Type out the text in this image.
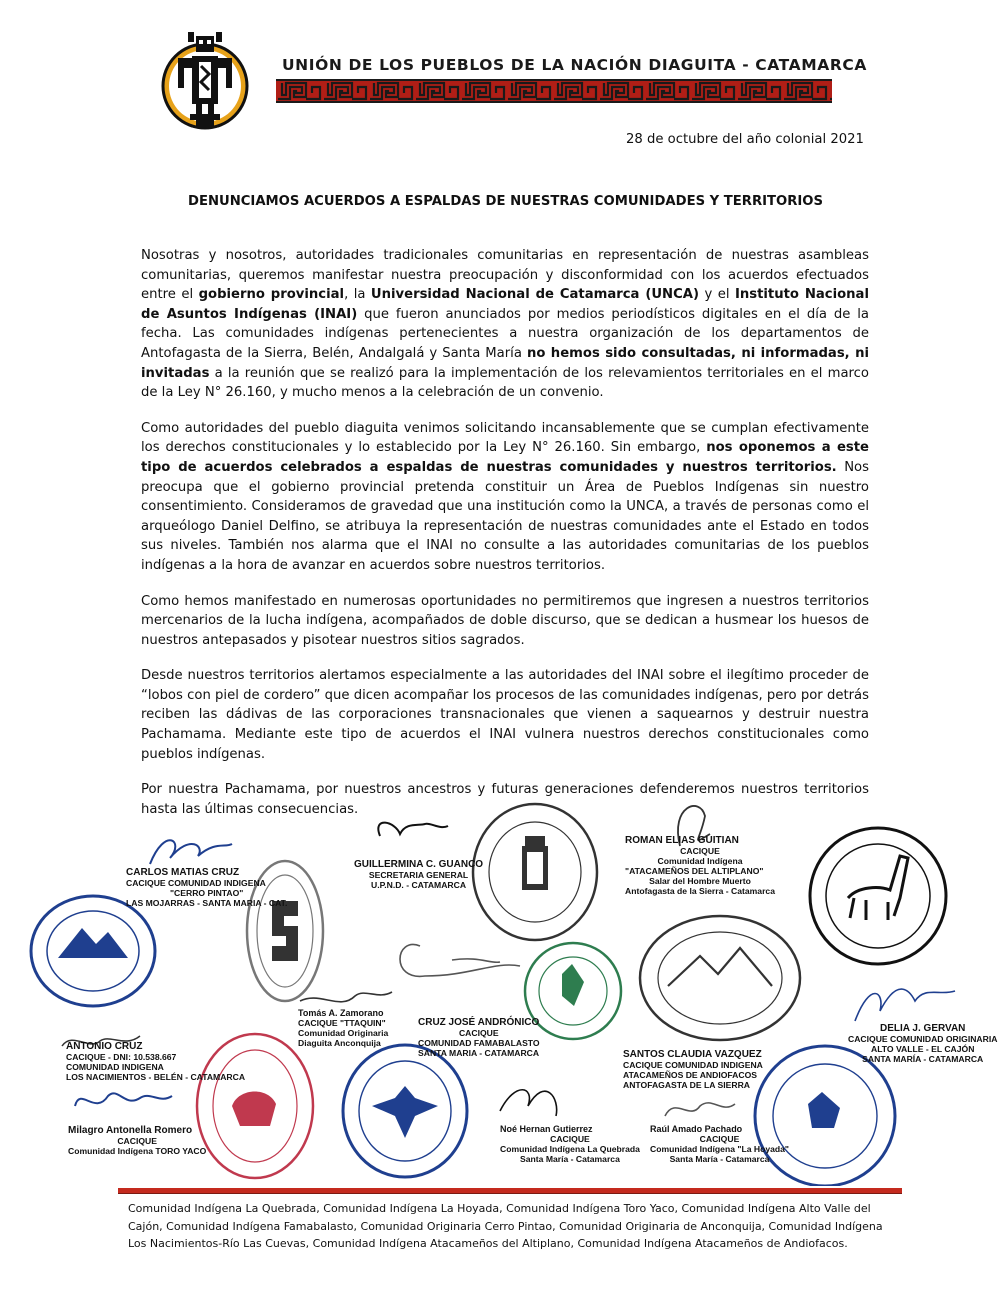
UNIÓN DE LOS PUEBLOS DE LA NACIÓN DIAGUITA - CATAMARCA
28 de octubre del año colonial 2021
DENUNCIAMOS ACUERDOS A ESPALDAS DE NUESTRAS COMUNIDADES Y TERRITORIOS

Nosotras y nosotros, autoridades tradicionales comunitarias en representación de nuestras asambleas comunitarias, queremos manifestar nuestra preocupación y disconformidad con los acuerdos efectuados entre el gobierno provincial, la Universidad Nacional de Catamarca (UNCA) y el Instituto Nacional de Asuntos Indígenas (INAI) que fueron anunciados por medios periodísticos digitales en el día de la fecha. Las comunidades indígenas pertenecientes a nuestra organización de los departamentos de Antofagasta de la Sierra, Belén, Andalgalá y Santa María no hemos sido consultadas, ni informadas, ni invitadas a la reunión que se realizó para la implementación de los relevamientos territoriales en el marco de la Ley N° 26.160, y mucho menos a la celebración de un convenio.

Como autoridades del pueblo diaguita venimos solicitando incansablemente que se cumplan efectivamente los derechos constitucionales y lo establecido por la Ley N° 26.160. Sin embargo, nos oponemos a este tipo de acuerdos celebrados a espaldas de nuestras comunidades y nuestros territorios. Nos preocupa que el gobierno provincial pretenda constituir un Área de Pueblos Indígenas sin nuestro consentimiento. Consideramos de gravedad que una institución como la UNCA, a través de personas como el arqueólogo Daniel Delfino, se atribuya la representación de nuestras comunidades ante el Estado en todos sus niveles. También nos alarma que el INAI no consulte a las autoridades comunitarias de los pueblos indígenas a la hora de avanzar en acuerdos sobre nuestros territorios.

Como hemos manifestado en numerosas oportunidades no permitiremos que ingresen a nuestros territorios mercenarios de la lucha indígena, acompañados de doble discurso, que se dedican a husmear los huesos de nuestros antepasados y pisotear nuestros sitios sagrados.

Desde nuestros territorios alertamos especialmente a las autoridades del INAI sobre el ilegítimo proceder de “lobos con piel de cordero” que dicen acompañar los procesos de las comunidades indígenas, pero por detrás reciben las dádivas de las corporaciones transnacionales que vienen a saquearnos y destruir nuestra Pachamama. Mediante este tipo de acuerdos el INAI vulnera nuestros derechos constitucionales como pueblos indígenas.

Por nuestra Pachamama, por nuestros ancestros y futuras generaciones defenderemos nuestros territorios hasta las últimas consecuencias.

CARLOS MATIAS CRUZ
CACIQUE COMUNIDAD INDIGENA
"CERRO PINTAO"
LAS MOJARRAS - SANTA MARIA - CAT.
GUILLERMINA C. GUANCO
SECRETARIA GENERAL
U.P.N.D. - CATAMARCA
ROMAN ELIAS GUITIAN
CACIQUE
Comunidad Indígena
"ATACAMEÑOS DEL ALTIPLANO"
Salar del Hombre Muerto
Antofagasta de la Sierra - Catamarca
Tomás A. Zamorano
CACIQUE "TTAQUIN"
Comunidad Originaria
Diaguita Anconquija
CRUZ JOSÉ ANDRÓNICO
CACIQUE
COMUNIDAD FAMABALASTO
SANTA MARIA - CATAMARCA
DELIA J. GERVAN
CACIQUE COMUNIDAD ORIGINARIA
ALTO VALLE - EL CAJÓN
SANTA MARÍA - CATAMARCA
ANTONIO CRUZ
CACIQUE - DNI: 10.538.667
COMUNIDAD INDIGENA
LOS NACIMIENTOS - BELÉN - CATAMARCA
SANTOS CLAUDIA VAZQUEZ
CACIQUE COMUNIDAD INDIGENA
ATACAMEÑOS DE ANDIOFACOS
ANTOFAGASTA DE LA SIERRA
Milagro Antonella Romero
CACIQUE
Comunidad Indígena TORO YACO
Noé Hernan Gutierrez
CACIQUE
Comunidad Indígena La Quebrada
Santa María - Catamarca
Raúl Amado Pachado
CACIQUE
Comunidad Indígena "La Hoyada"
Santa María - Catamarca
Comunidad Indígena La Quebrada, Comunidad Indígena La Hoyada, Comunidad Indígena Toro Yaco, Comunidad Indígena Alto Valle del Cajón, Comunidad Indígena Famabalasto, Comunidad Originaria Cerro Pintao, Comunidad Originaria de Anconquija, Comunidad Indígena Los Nacimientos-Río Las Cuevas, Comunidad Indígena Atacameños del Altiplano, Comunidad Indígena Atacameños de Andiofacos.
